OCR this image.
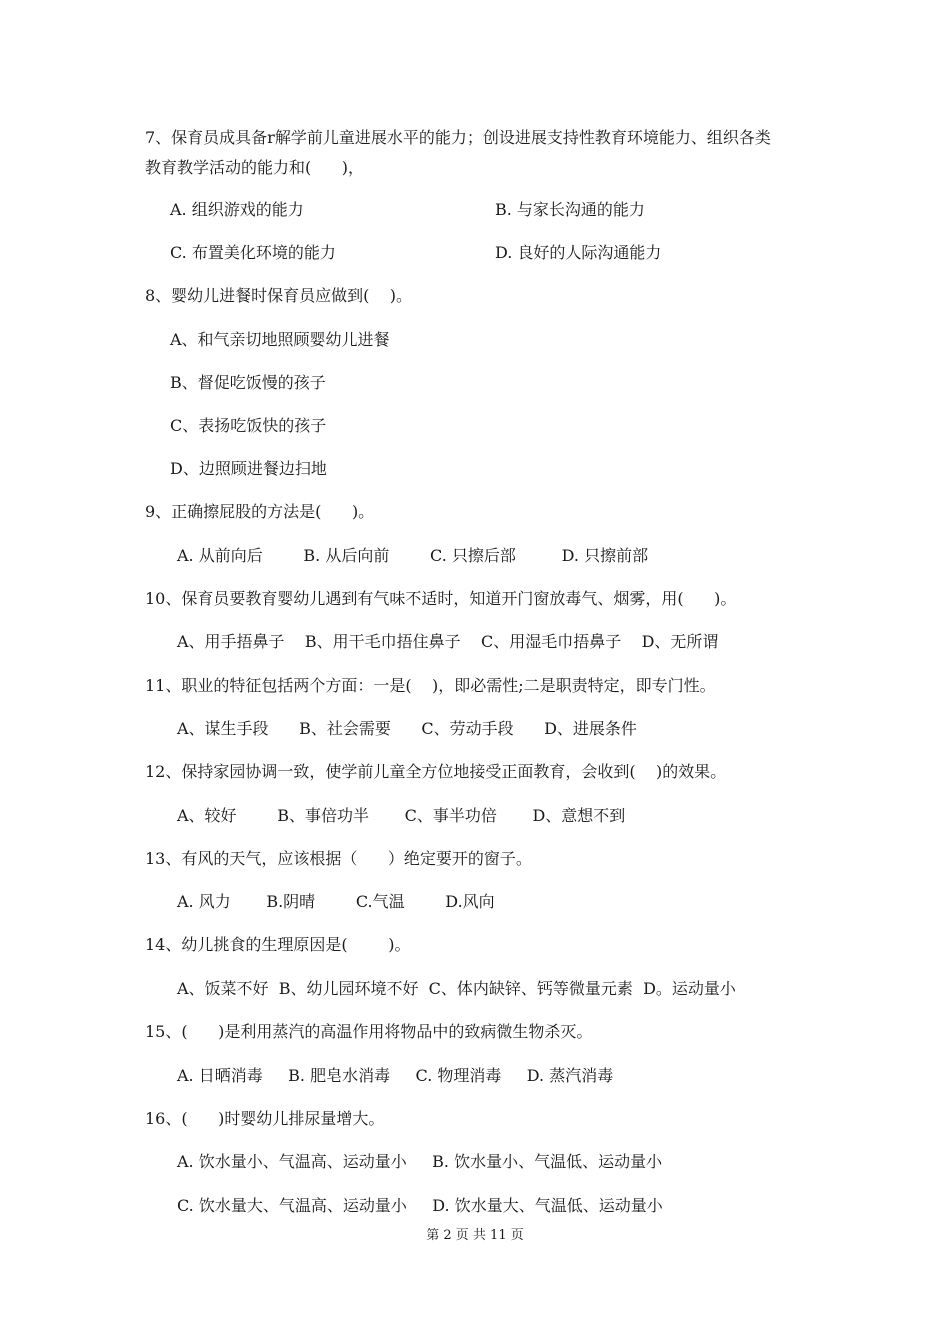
7、保育员成具备r解学前儿童进展水平的能力；创设进展支持性教育环境能力、组织各类
教育教学活动的能力和(      )，
A. 组织游戏的能力	B. 与家长沟通的能力
C. 布置美化环境的能力	D. 良好的人际沟通能力
8、婴幼儿进餐时保育员应做到(    )。
A、和气亲切地照顾婴幼儿进餐
B、督促吃饭慢的孩子
C、表扬吃饭快的孩子
D、边照顾进餐边扫地
9、正确擦屁股的方法是(      )。
A. 从前向后        B. 从后向前        C. 只擦后部         D. 只擦前部
10、保育员要教育婴幼儿遇到有气味不适时，知道开门窗放毒气、烟雾，用(      )。
A、用手捂鼻子    B、用干毛巾捂住鼻子    C、用湿毛巾捂鼻子    D、无所谓
11、职业的特征包括两个方面：一是(    )，即必需性;二是职责特定，即专门性。
A、谋生手段      B、社会需要      C、劳动手段      D、进展条件
12、保持家园协调一致，使学前儿童全方位地接受正面教育，会收到(    )的效果。
A、较好        B、事倍功半       C、事半功倍       D、意想不到
13、有风的天气，应该根据（      ）绝定要开的窗子。
A. 风力       B.阴晴        C.气温        D.风向
14、幼儿挑食的生理原因是(        )。
A、饭菜不好  B、幼儿园环境不好  C、体内缺锌、钙等微量元素  D。运动量小
15、(      )是利用蒸汽的高温作用将物品中的致病微生物杀灭。
A. 日晒消毒     B. 肥皂水消毒     C. 物理消毒     D. 蒸汽消毒
16、(      )时婴幼儿排尿量增大。
A. 饮水量小、气温高、运动量小     B. 饮水量小、气温低、运动量小
C. 饮水量大、气温高、运动量小     D. 饮水量大、气温低、运动量小
第 2 页 共 11 页
